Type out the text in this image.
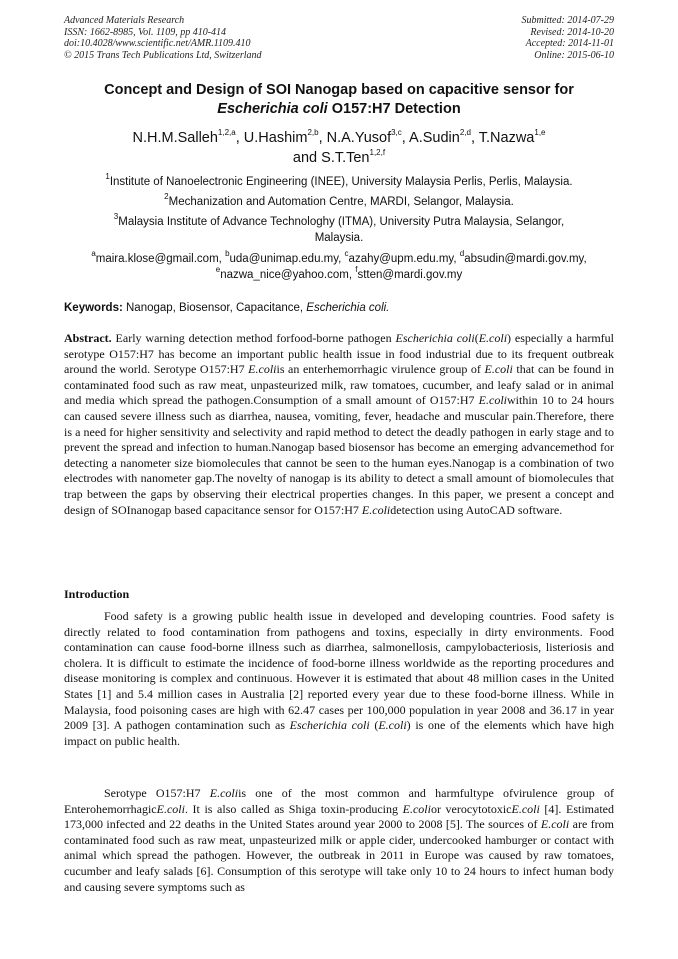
Advanced Materials Research
ISSN: 1662-8985, Vol. 1109, pp 410-414
doi:10.4028/www.scientific.net/AMR.1109.410
© 2015 Trans Tech Publications Ltd, Switzerland
Submitted: 2014-07-29
Revised: 2014-10-20
Accepted: 2014-11-01
Online: 2015-06-10
Concept and Design of SOI Nanogap based on capacitive sensor for
Escherichia coli O157:H7 Detection
N.H.M.Salleh$^{1,2,a}$, U.Hashim$^{2,b}$, N.A.Yusof$^{3,c}$, A.Sudin$^{2,d}$, T.Nazwa$^{1,e}$
and S.T.Ten$^{1,2,f}$
$^1$Institute of Nanoelectronic Engineering (INEE), University Malaysia Perlis, Perlis, Malaysia.
$^2$Mechanization and Automation Centre, MARDI, Selangor, Malaysia.
$^3$Malaysia Institute of Advance Technologhy (ITMA), University Putra Malaysia, Selangor, Malaysia.
$^a$maira.klose@gmail.com, $^b$uda@unimap.edu.my, $^c$azahy@upm.edu.my, $^d$absudin@mardi.gov.my,
$^e$nazwa_nice@yahoo.com, $^f$stten@mardi.gov.my
Keywords: Nanogap, Biosensor, Capacitance, Escherichia coli.

Abstract. Early warning detection method forfood-borne pathogen Escherichia coli(E.coli) especially a harmful serotype O157:H7 has become an important public health issue in food industrial due to its frequent outbreak around the world. Serotype O157:H7 E.coliis an enterhemorrhagic virulence group of E.coli that can be found in contaminated food such as raw meat, unpasteurized milk, raw tomatoes, cucumber, and leafy salad or in animal and media which spread the pathogen.Consumption of a small amount of O157:H7 E.coliwithin 10 to 24 hours can caused severe illness such as diarrhea, nausea, vomiting, fever, headache and muscular pain.Therefore, there is a need for higher sensitivity and selectivity and rapid method to detect the deadly pathogen in early stage and to prevent the spread and infection to human.Nanogap based biosensor has become an emerging advancemethod for detecting a nanometer size biomolecules that cannot be seen to the human eyes.Nanogap is a combination of two electrodes with nanometer gap.The novelty of nanogap is its ability to detect a small amount of biomolecules that trap between the gaps by observing their electrical properties changes. In this paper, we present a concept and design of SOInanogap based capacitance sensor for O157:H7 E.colidetection using AutoCAD software.

Introduction

Food safety is a growing public health issue in developed and developing countries. Food safety is directly related to food contamination from pathogens and toxins, especially in dirty environments. Food contamination can cause food-borne illness such as diarrhea, salmonellosis, campylobacteriosis, listeriosis and cholera. It is difficult to estimate the incidence of food-borne illness worldwide as the reporting procedures and disease monitoring is complex and continuous. However it is estimated that about 48 million cases in the United States [1] and 5.4 million cases in Australia [2] reported every year due to these food-borne illness. While in Malaysia, food poisoning cases are high with 62.47 cases per 100,000 population in year 2008 and 36.17 in year 2009 [3]. A pathogen contamination such as Escherichia coli (E.coli) is one of the elements which have high impact on public health.

Serotype O157:H7 E.coliis one of the most common and harmfultype ofvirulence group of EnterohemorrhagicE.coli. It is also called as Shiga toxin-producing E.colior verocytotoxicE.coli [4]. Estimated 173,000 infected and 22 deaths in the United States around year 2000 to 2008 [5]. The sources of E.coli are from contaminated food such as raw meat, unpasteurized milk or apple cider, undercooked hamburger or contact with animal which spread the pathogen. However, the outbreak in 2011 in Europe was caused by raw tomatoes, cucumber and leafy salads [6]. Consumption of this serotype will take only 10 to 24 hours to infect human body and causing severe symptoms such as
